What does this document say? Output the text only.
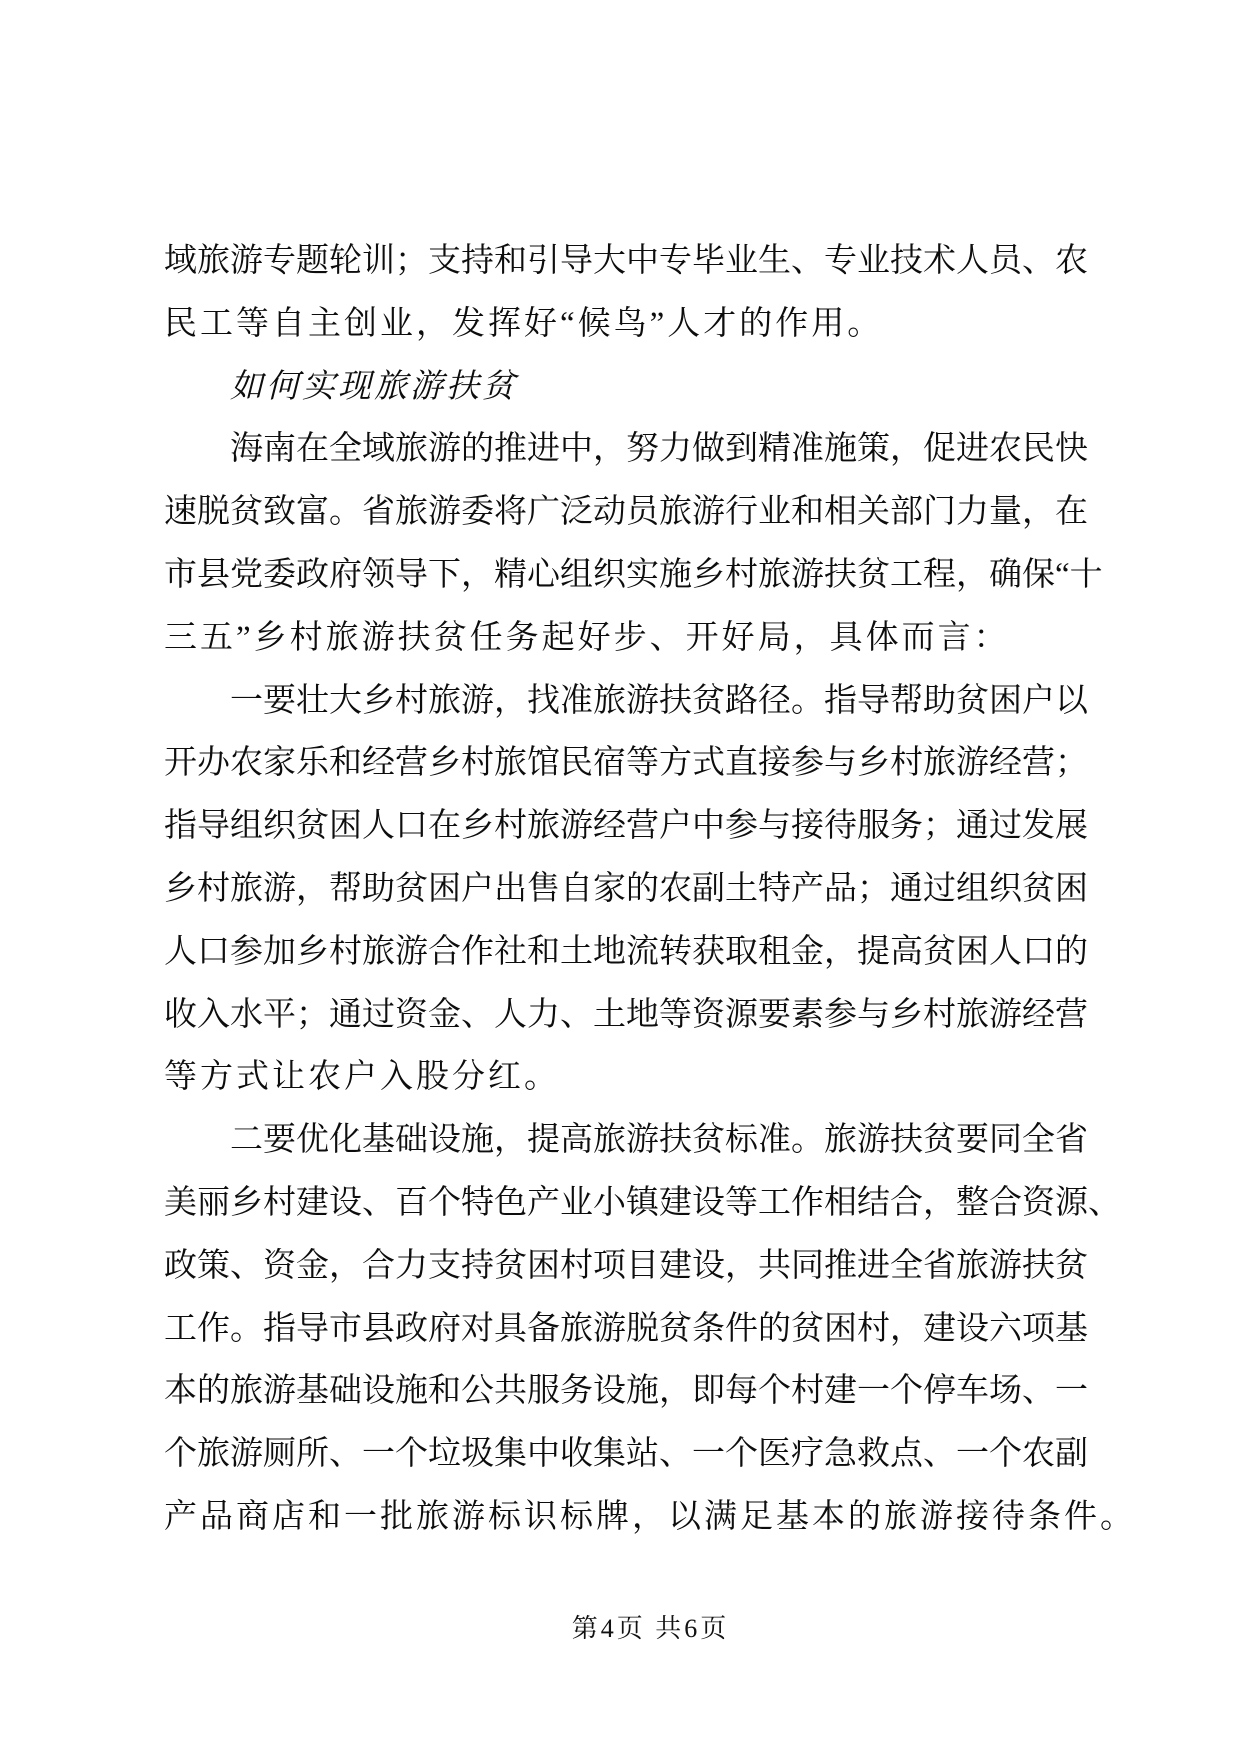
域 旅 游 专 题 轮 训 ； 支 持 和 引 导 大 中 专 毕 业 生 、 专 业 技 术 人 员 、 农
民工等自主创业，发挥好“候鸟”人才的作用。
如何实现旅游扶贫
海 南 在 全 域 旅 游 的 推 进 中 ， 努 力 做 到 精 准 施 策 ， 促 进 农 民 快
速 脱 贫 致 富 。 省 旅 游 委 将 广 泛 动 员 旅 游 行 业 和 相 关 部 门 力 量 ， 在
市 县 党 委 政 府 领 导 下 ， 精 心 组 织 实 施 乡 村 旅 游 扶 贫 工 程 ， 确 保 “ 十
三五”乡村旅游扶贫任务起好步、开好局，具体而言：
一 要 壮 大 乡 村 旅 游 ， 找 准 旅 游 扶 贫 路 径 。 指 导 帮 助 贫 困 户 以
开 办 农 家 乐 和 经 营 乡 村 旅 馆 民 宿 等 方 式 直 接 参 与 乡 村 旅 游 经 营 ；
指 导 组 织 贫 困 人 口 在 乡 村 旅 游 经 营 户 中 参 与 接 待 服 务 ； 通 过 发 展
乡 村 旅 游 ， 帮 助 贫 困 户 出 售 自 家 的 农 副 土 特 产 品 ； 通 过 组 织 贫 困
人 口 参 加 乡 村 旅 游 合 作 社 和 土 地 流 转 获 取 租 金 ， 提 高 贫 困 人 口 的
收 入 水 平 ； 通 过 资 金 、 人 力 、 土 地 等 资 源 要 素 参 与 乡 村 旅 游 经 营
等方式让农户入股分红。
二 要 优 化 基 础 设 施 ， 提 高 旅 游 扶 贫 标 准 。 旅 游 扶 贫 要 同 全 省
美 丽 乡 村 建 设 、 百 个 特 色 产 业 小 镇 建 设 等 工 作 相 结 合 ， 整 合 资 源 、
政 策 、 资 金 ， 合 力 支 持 贫 困 村 项 目 建 设 ， 共 同 推 进 全 省 旅 游 扶 贫
工 作 。 指 导 市 县 政 府 对 具 备 旅 游 脱 贫 条 件 的 贫 困 村 ， 建 设 六 项 基
本 的 旅 游 基 础 设 施 和 公 共 服 务 设 施 ， 即 每 个 村 建 一 个 停 车 场 、 一
个 旅 游 厕 所 、 一 个 垃 圾 集 中 收 集 站 、 一 个 医 疗 急 救 点 、 一 个 农 副
产品商店和一批旅游标识标牌，以满足基本的旅游接待条件。
第4页 共6页
